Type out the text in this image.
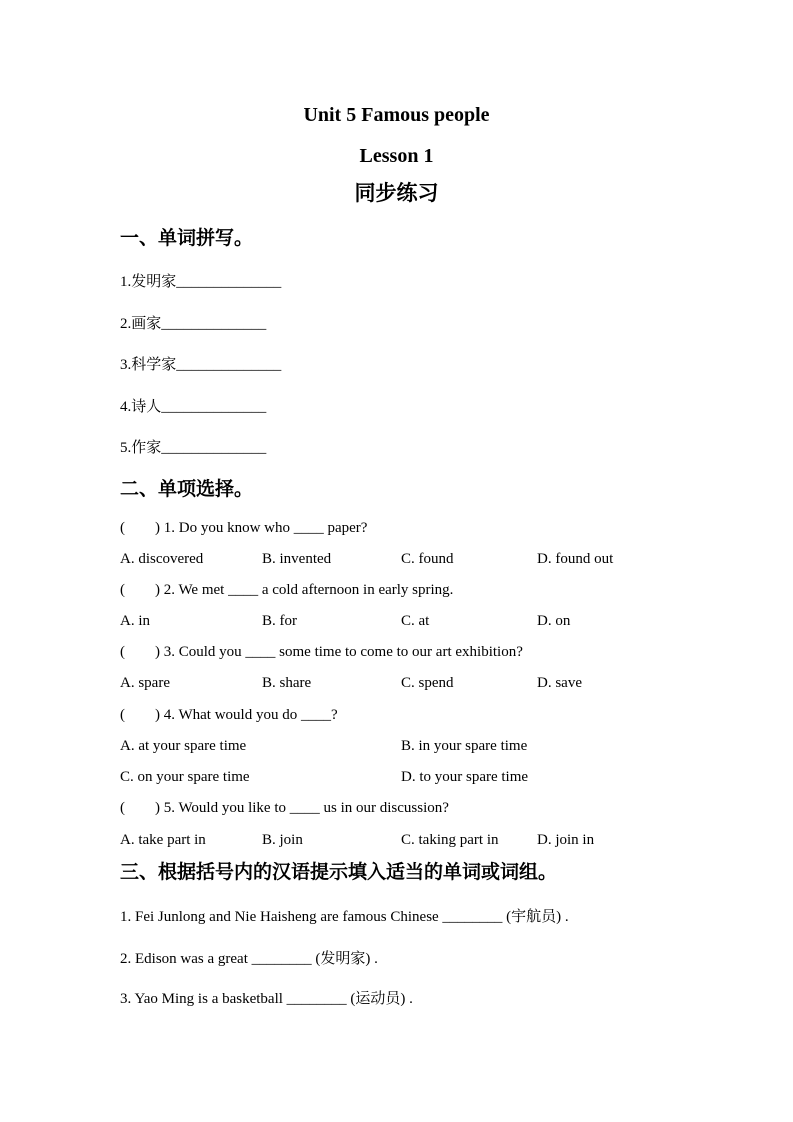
Unit 5 Famous people
Lesson 1
同步练习
一、单词拼写。
1.发明家______________
2.画家______________
3.科学家______________
4.诗人______________
5.作家______________
二、单项选择。
(        ) 1. Do you know who ____ paper?
A. discovered	B. invented	C. found	D. found out
(        ) 2. We met ____ a cold afternoon in early spring.
A. in	B. for	C. at	D. on
(        ) 3. Could you ____ some time to come to our art exhibition?
A. spare	B. share	C. spend	D. save
(        ) 4. What would you do ____?
A. at your spare time	B. in your spare time
C. on your spare time	D. to your spare time
(        ) 5. Would you like to ____ us in our discussion?
A. take part in	B. join	C. taking part in	D. join in
三、根据括号内的汉语提示填入适当的单词或词组。
1. Fei Junlong and Nie Haisheng are famous Chinese ________ (宇航员) .
2. Edison was a great ________ (发明家) .
3. Yao Ming is a basketball ________ (运动员) .
